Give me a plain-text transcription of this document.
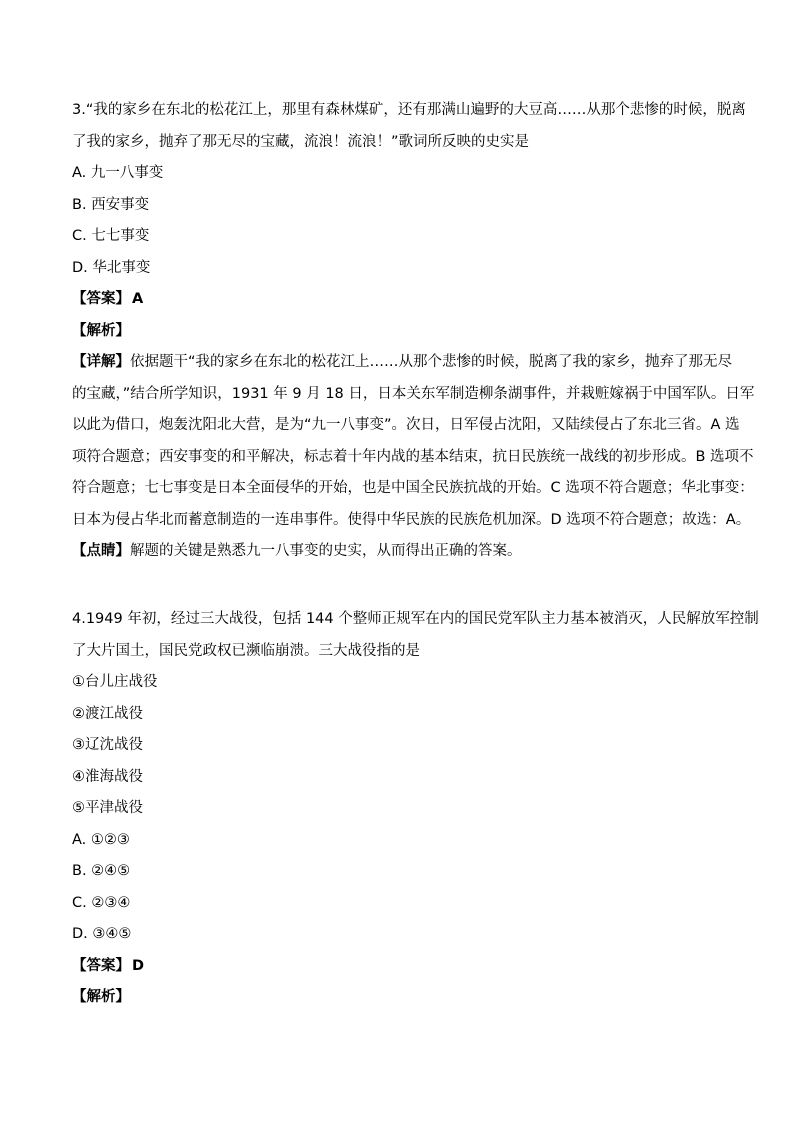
3.“我的家乡在东北的松花江上，那里有森林煤矿，还有那满山遍野的大豆高……从那个悲惨的时候，脱离
了我的家乡，抛弃了那无尽的宝藏，流浪！流浪！”歌词所反映的史实是
A. 九一八事变
B. 西安事变
C. 七七事变
D. 华北事变
【答案】 A
【解析】
【详解】依据题干“我的家乡在东北的松花江上……从那个悲惨的时候，脱离了我的家乡，抛弃了那无尽
的宝藏，”结合所学知识，1931 年 9 月 18 日，日本关东军制造柳条湖事件，并栽赃嫁祸于中国军队。日军
以此为借口，炮轰沈阳北大营，是为“九一八事变”。次日，日军侵占沈阳，又陆续侵占了东北三省。A 选
项符合题意；西安事变的和平解决，标志着十年内战的基本结束，抗日民族统一战线的初步形成。B 选项不
符合题意；七七事变是日本全面侵华的开始，也是中国全民族抗战的开始。C 选项不符合题意；华北事变：
日本为侵占华北而蓄意制造的一连串事件。使得中华民族的民族危机加深。D 选项不符合题意；故选：A。
【点睛】解题的关键是熟悉九一八事变的史实，从而得出正确的答案。
4.1949 年初，经过三大战役，包括 144 个整师正规军在内的国民党军队主力基本被消灭，人民解放军控制
了大片国土，国民党政权已濒临崩溃。三大战役指的是
①台儿庄战役
②渡江战役
③辽沈战役
④淮海战役
⑤平津战役
A. ①②③
B. ②④⑤
C. ②③④
D. ③④⑤
【答案】 D
【解析】
